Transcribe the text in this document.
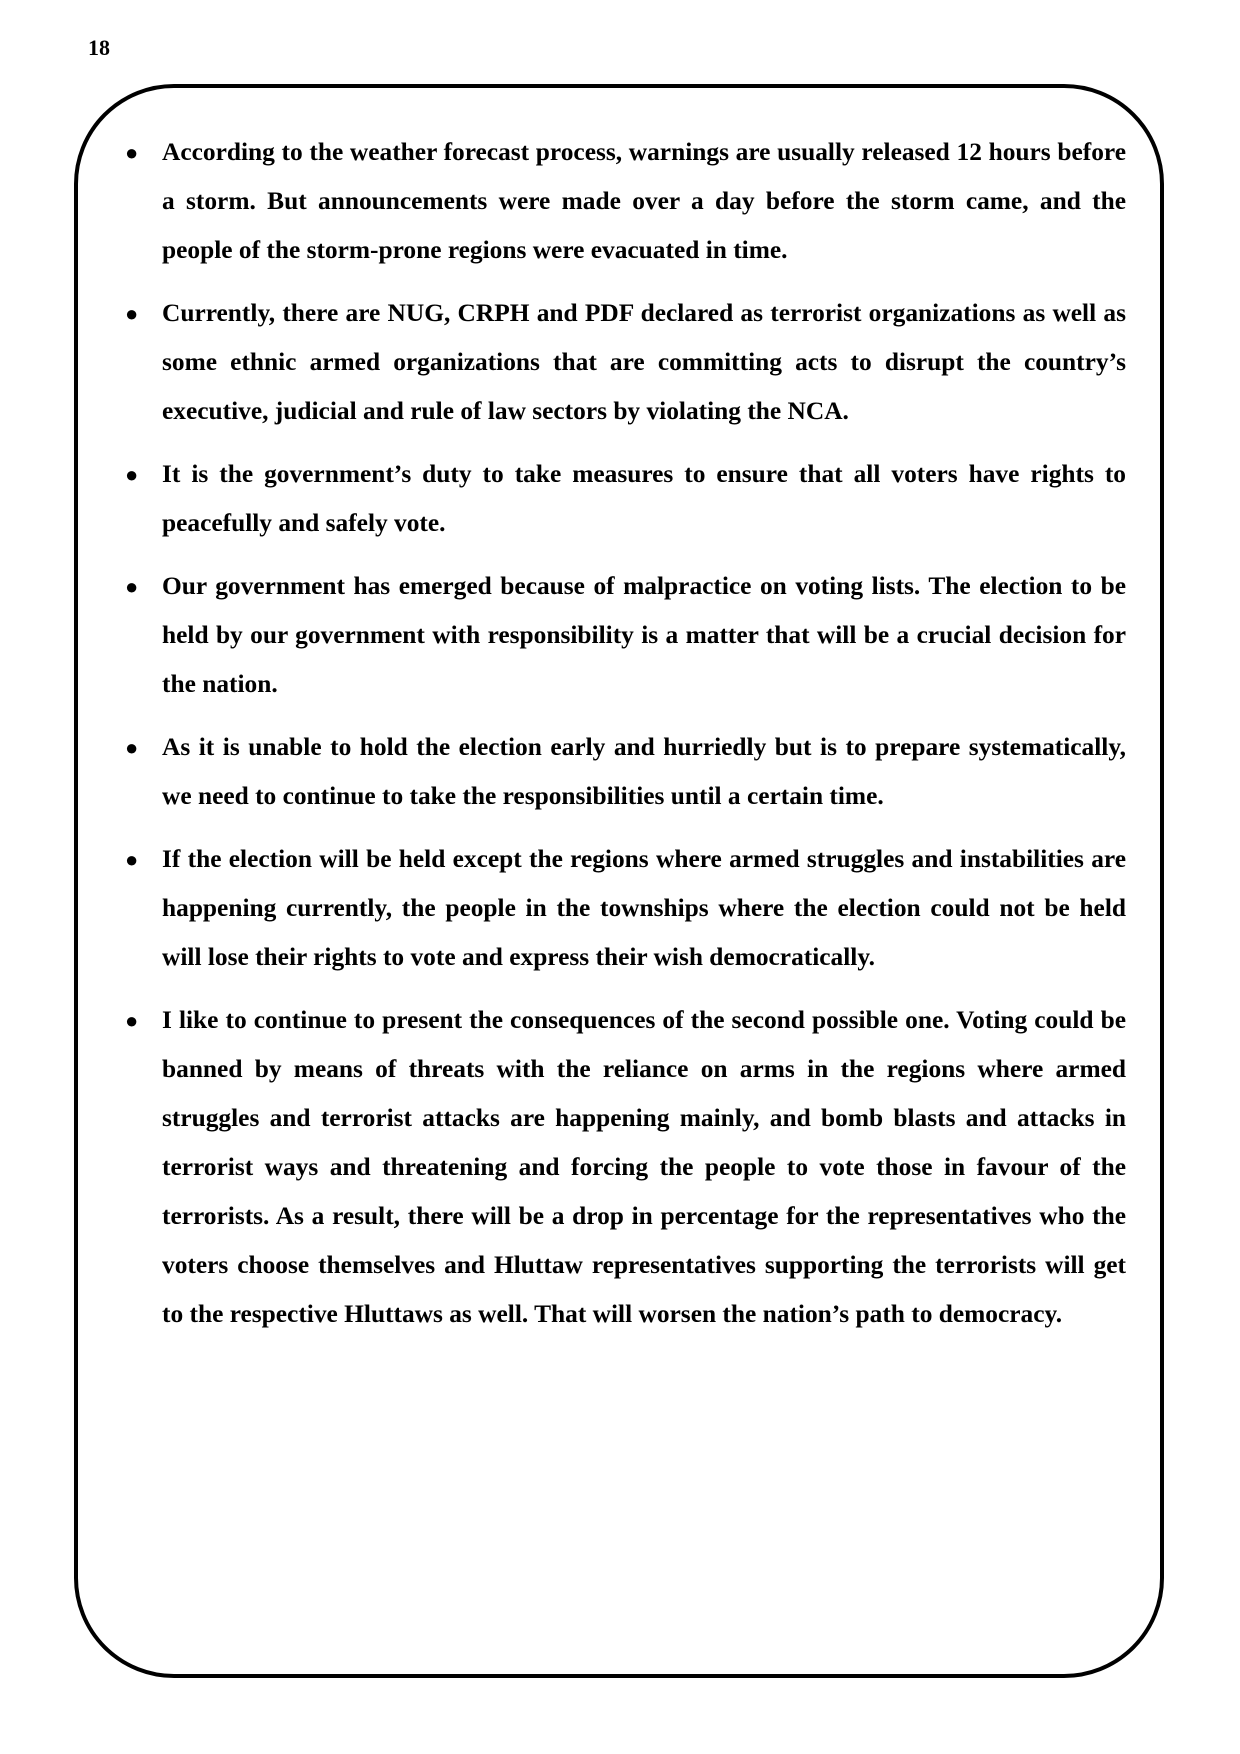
18
● According to the weather forecast process, warnings are usually released 12 hours before a storm. But announcements were made over a day before the storm came, and the people of the storm-prone regions were evacuated in time.
● Currently, there are NUG, CRPH and PDF declared as terrorist organizations as well as some ethnic armed organizations that are committing acts to disrupt the country’s executive, judicial and rule of law sectors by violating the NCA.
● It is the government’s duty to take measures to ensure that all voters have rights to peacefully and safely vote.
● Our government has emerged because of malpractice on voting lists. The election to be held by our government with responsibility is a matter that will be a crucial decision for the nation.
● As it is unable to hold the election early and hurriedly but is to prepare systematically, we need to continue to take the responsibilities until a certain time.
● If the election will be held except the regions where armed struggles and instabilities are happening currently, the people in the townships where the election could not be held will lose their rights to vote and express their wish democratically.
● I like to continue to present the consequences of the second possible one. Voting could be banned by means of threats with the reliance on arms in the regions where armed struggles and terrorist attacks are happening mainly, and bomb blasts and attacks in terrorist ways and threatening and forcing the people to vote those in favour of the terrorists. As a result, there will be a drop in percentage for the representatives who the voters choose themselves and Hluttaw representatives supporting the terrorists will get to the respective Hluttaws as well. That will worsen the nation’s path to democracy.
